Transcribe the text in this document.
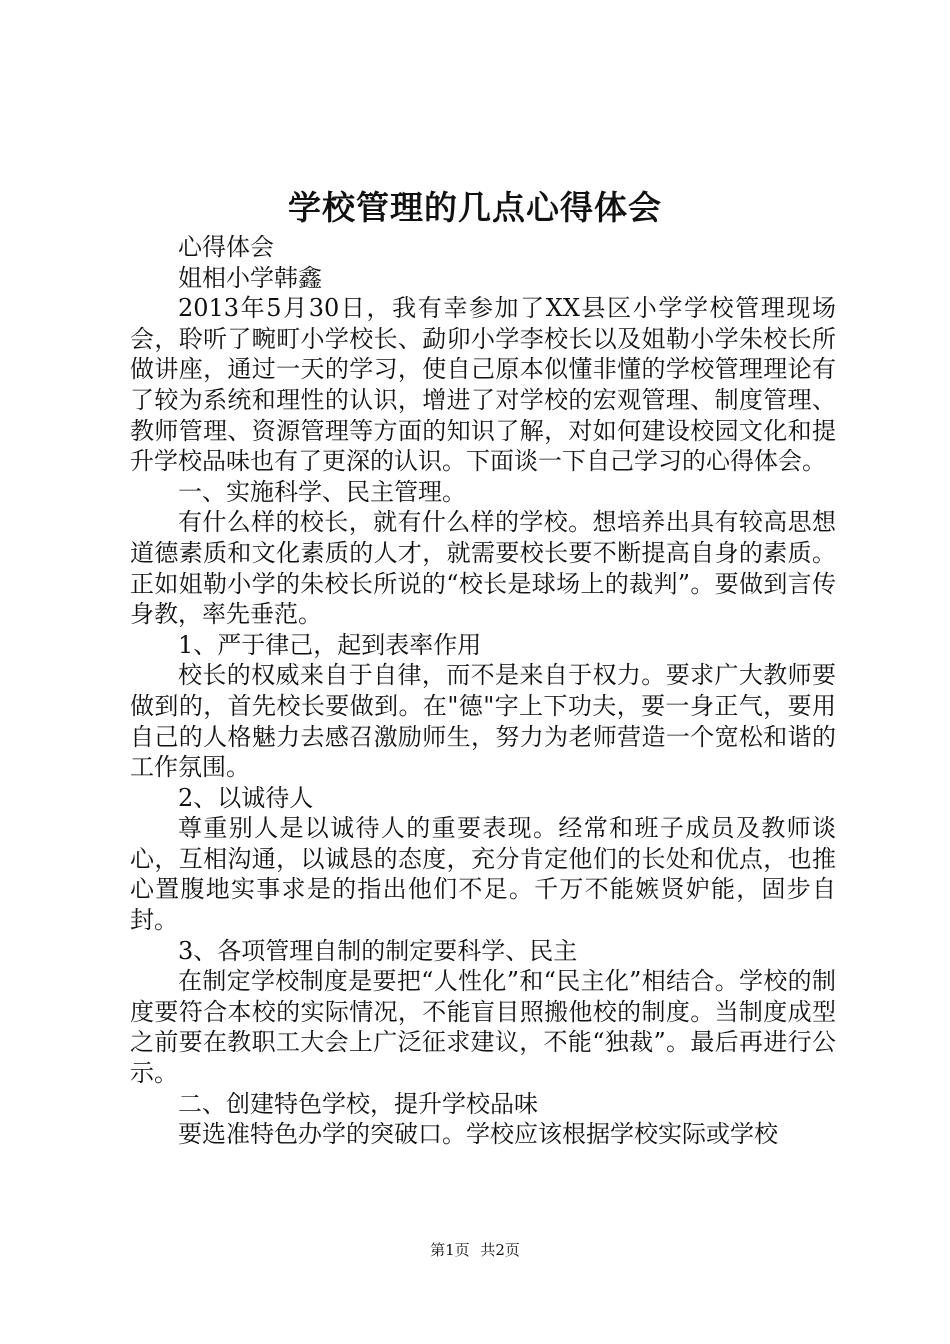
学校管理的几点心得体会

心得体会

姐相小学韩鑫

2013年5月30日，我有幸参加了XX县区小学学校管理现场会，聆听了畹町小学校长、勐卯小学李校长以及姐勒小学朱校长所做讲座，通过一天的学习，使自己原本似懂非懂的学校管理理论有了较为系统和理性的认识，增进了对学校的宏观管理、制度管理、教师管理、资源管理等方面的知识了解，对如何建设校园文化和提升学校品味也有了更深的认识。下面谈一下自己学习的心得体会。

一、实施科学、民主管理。

有什么样的校长，就有什么样的学校。想培养出具有较高思想道德素质和文化素质的人才，就需要校长要不断提高自身的素质。正如姐勒小学的朱校长所说的“校长是球场上的裁判”。要做到言传身教，率先垂范。

1、严于律己，起到表率作用

校长的权威来自于自律，而不是来自于权力。要求广大教师要做到的，首先校长要做到。在"德"字上下功夫，要一身正气，要用自己的人格魅力去感召激励师生，努力为老师营造一个宽松和谐的工作氛围。

2、以诚待人

尊重别人是以诚待人的重要表现。经常和班子成员及教师谈心，互相沟通，以诚恳的态度，充分肯定他们的长处和优点，也推心置腹地实事求是的指出他们不足。千万不能嫉贤妒能，固步自封。

3、各项管理自制的制定要科学、民主

在制定学校制度是要把“人性化”和“民主化”相结合。学校的制度要符合本校的实际情况，不能盲目照搬他校的制度。当制度成型之前要在教职工大会上广泛征求建议，不能“独裁”。最后再进行公示。

二、创建特色学校，提升学校品味

要选准特色办学的突破口。学校应该根据学校实际或学校

第1页 共2页
